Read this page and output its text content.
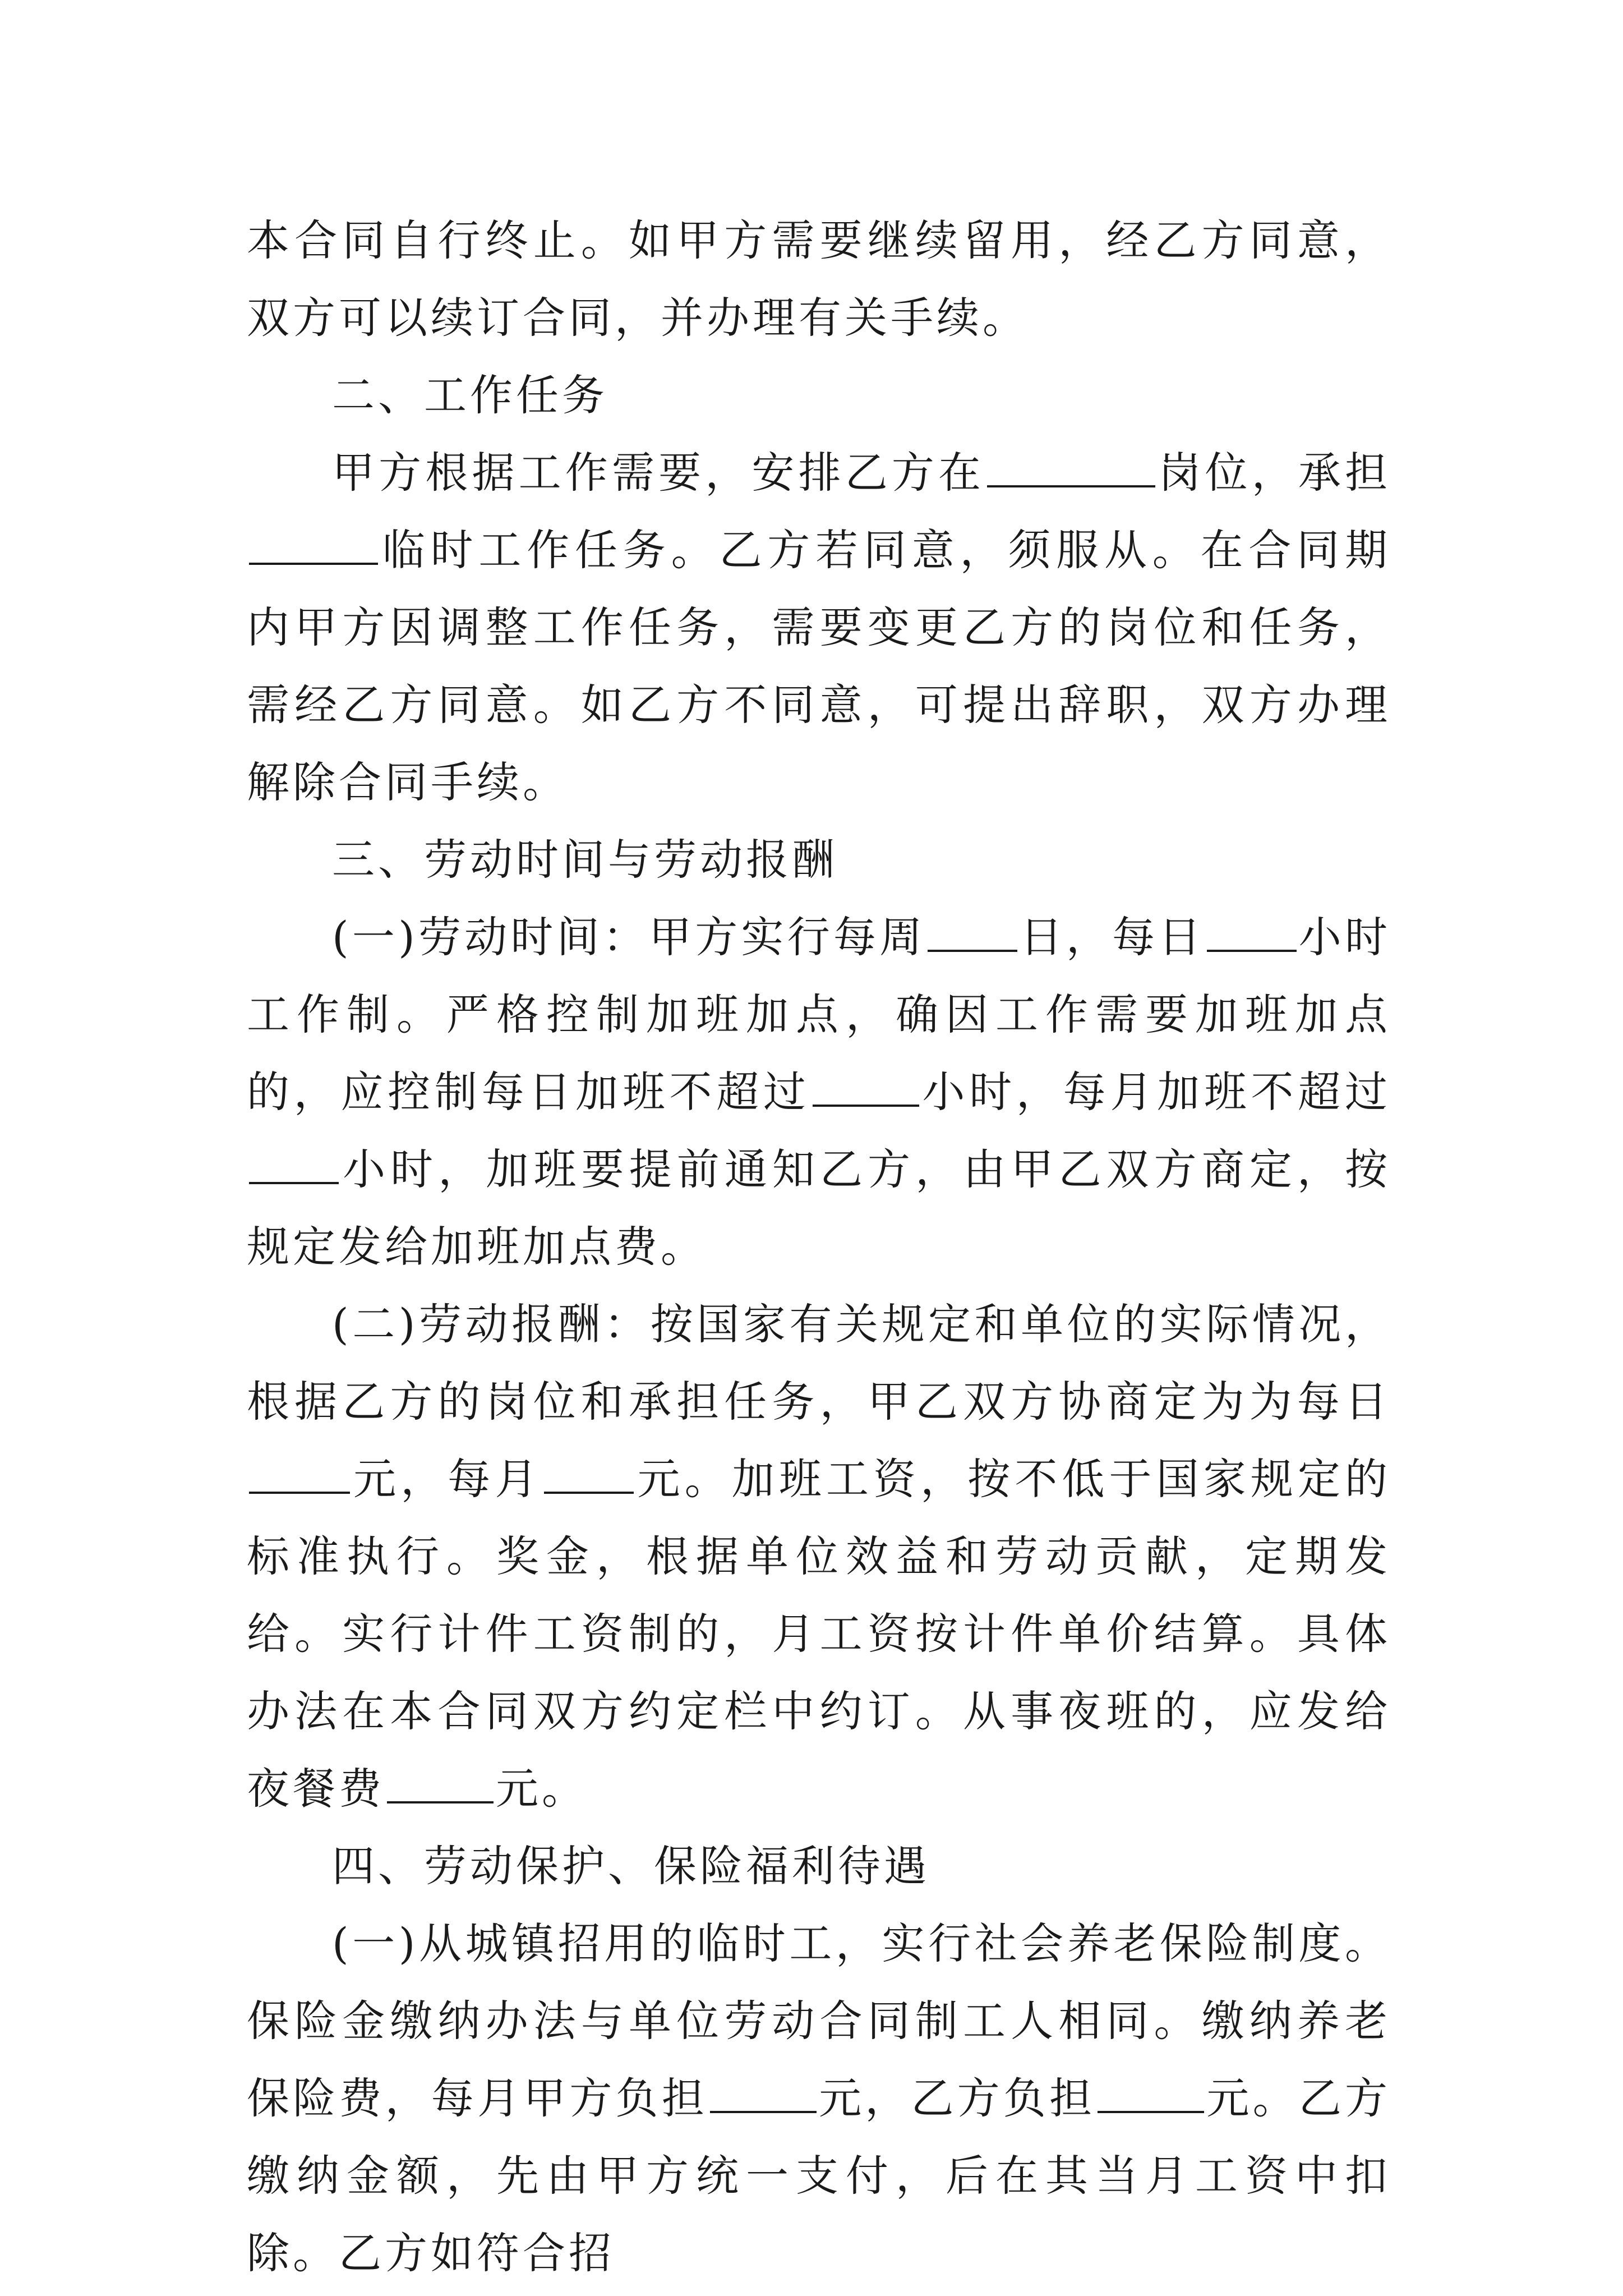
本合同自行终止。如甲方需要继续留用，经乙方同意，双方可以续订合同，并办理有关手续。

二、工作任务

甲方根据工作需要，安排乙方在	岗位，承担临时工作任务。乙方若同意，须服从。在合同期内甲方因调整工作任务，需要变更乙方的岗位和任务，需经乙方同意。如乙方不同意，可提出辞职，双方办理解除合同手续。

三、劳动时间与劳动报酬

(一)劳动时间：甲方实行每周 日，每日 小时工作制。严格控制加班加点，确因工作需要加班加点的，应控制每日加班不超过	小时，每月加班不超过小时，加班要提前通知乙方，由甲乙双方商定，按规定发给加班加点费。

(二)劳动报酬：按国家有关规定和单位的实际情况，根据乙方的岗位和承担任务，甲乙双方协商定为为每日元，每月 元。加班工资，按不低于国家规定的标准执行。奖金，根据单位效益和劳动贡献，定期发给。实行计件工资制的，月工资按计件单价结算。具体办法在本合同双方约定栏中约订。从事夜班的，应发给夜餐费	元。

四、劳动保护、保险福利待遇

(一)从城镇招用的临时工，实行社会养老保险制度。保险金缴纳办法与单位劳动合同制工人相同。缴纳养老保险费，每月甲方负担	元，乙方负担	元。乙方缴纳金额，先由甲方统一支付，后在其当月工资中扣除。乙方如符合招
